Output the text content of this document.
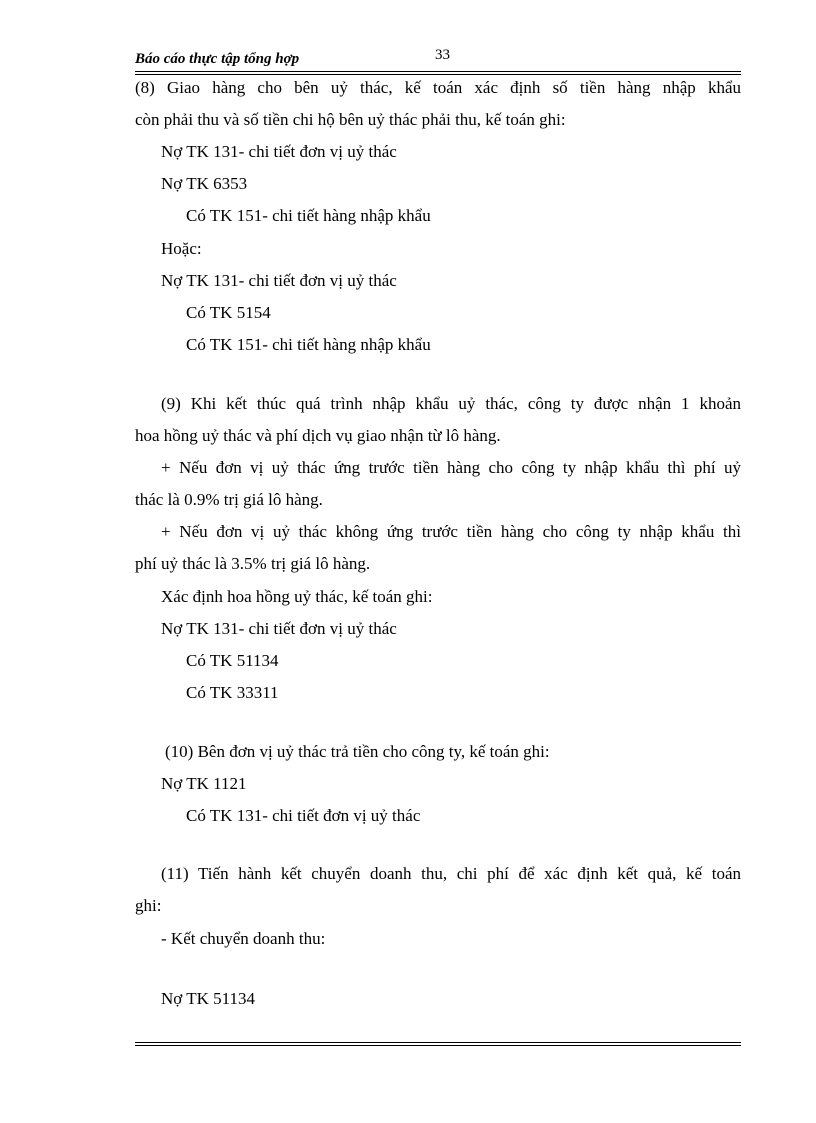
Báo cáo thực tập tổng hợp	33
(8) Giao hàng cho bên uỷ thác, kế toán xác định số tiền hàng nhập khẩu
còn phải thu và số tiền chi hộ bên uỷ thác phải thu, kế toán ghi:
Nợ TK 131- chi tiết đơn vị uỷ thác
Nợ TK 6353
Có TK 151- chi tiết hàng nhập khẩu
Hoặc:
Nợ TK 131- chi tiết đơn vị uỷ thác
Có TK 5154
Có TK 151- chi tiết hàng nhập khẩu
(9) Khi kết thúc quá trình nhập khẩu uỷ thác, công ty được nhận 1 khoản
hoa hồng uỷ thác và phí dịch vụ giao nhận từ lô hàng.
+ Nếu đơn vị uỷ thác ứng trước tiền hàng cho công ty nhập khẩu thì phí uỷ
thác là 0.9% trị giá lô hàng.
+ Nếu đơn vị uỷ thác không ứng trước tiền hàng cho công ty nhập khẩu thì
phí uỷ thác là 3.5% trị giá lô hàng.
Xác định hoa hồng uỷ thác, kế toán ghi:
Nợ TK 131- chi tiết đơn vị uỷ thác
Có TK 51134
Có TK 33311
(10) Bên đơn vị uỷ thác trả tiền cho công ty, kế toán ghi:
Nợ TK 1121
Có TK 131- chi tiết đơn vị uỷ thác
(11) Tiến hành kết chuyển doanh thu, chi phí để xác định kết quả, kế toán
ghi:
- Kết chuyển doanh thu:
Nợ TK 51134
